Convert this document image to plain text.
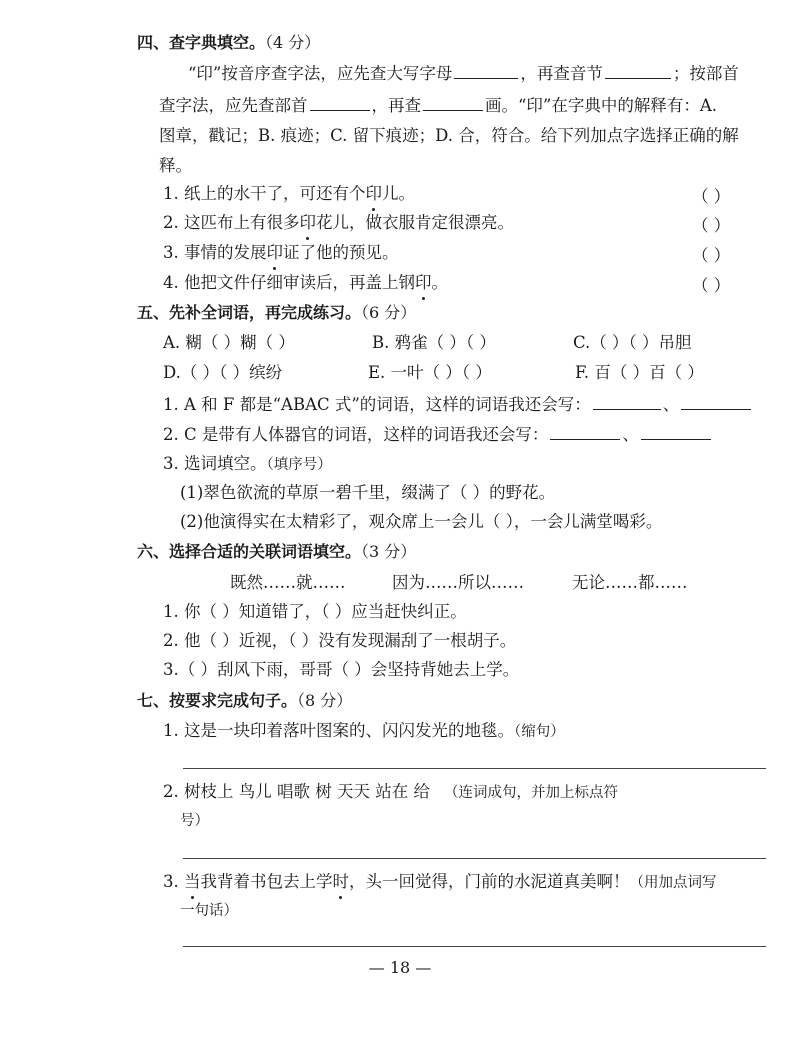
四、查字典填空。（4 分）
“印”按音序查字法，应先查大写字母	，再查音节	；按部首
查字法，应先查部首	，再查	画。“印”在字典中的解释有：A.
图章，戳记；B. 痕迹；C. 留下痕迹；D. 合，符合。给下列加点字选择正确的解
释。
1. 纸上的水干了，可还有个印儿。	（ ）
2. 这匹布上有很多印花儿，做衣服肯定很漂亮。	（ ）
3. 事情的发展印证了他的预见。	（ ）
4. 他把文件仔细审读后，再盖上钢印。	（ ）
五、先补全词语，再完成练习。（6 分）
A. 糊（ ）糊（ ）	B. 鸦雀（ ）（ ）	C.（ ）（ ）吊胆
D.（ ）（ ）缤纷	E. 一叶（ ）（ ）	F. 百（ ）百（ ）
1. A 和 F 都是“ABAC 式”的词语，这样的词语我还会写：	、
2. C 是带有人体器官的词语，这样的词语我还会写：	、
3. 选词填空。（填序号）
(1)翠色欲流的草原一碧千里，缀满了（ ）的野花。
(2)他演得实在太精彩了，观众席上一会儿（ ），一会儿满堂喝彩。
六、选择合适的关联词语填空。（3 分）
既然……就……	因为……所以……	无论……都……
1. 你（ ）知道错了，（ ）应当赶快纠正。
2. 他（ ）近视，（ ）没有发现漏刮了一根胡子。
3.（ ）刮风下雨，哥哥（ ）会坚持背她去上学。
七、按要求完成句子。（8 分）
1. 这是一块印着落叶图案的、闪闪发光的地毯。（缩句）
2. 树枝上 鸟儿 唱歌 树 天天 站在 给 （连词成句，并加上标点符
号）
3. 当我背着书包去上学时，头一回觉得，门前的水泥道真美啊！（用加点词写
一句话）
— 18 —
